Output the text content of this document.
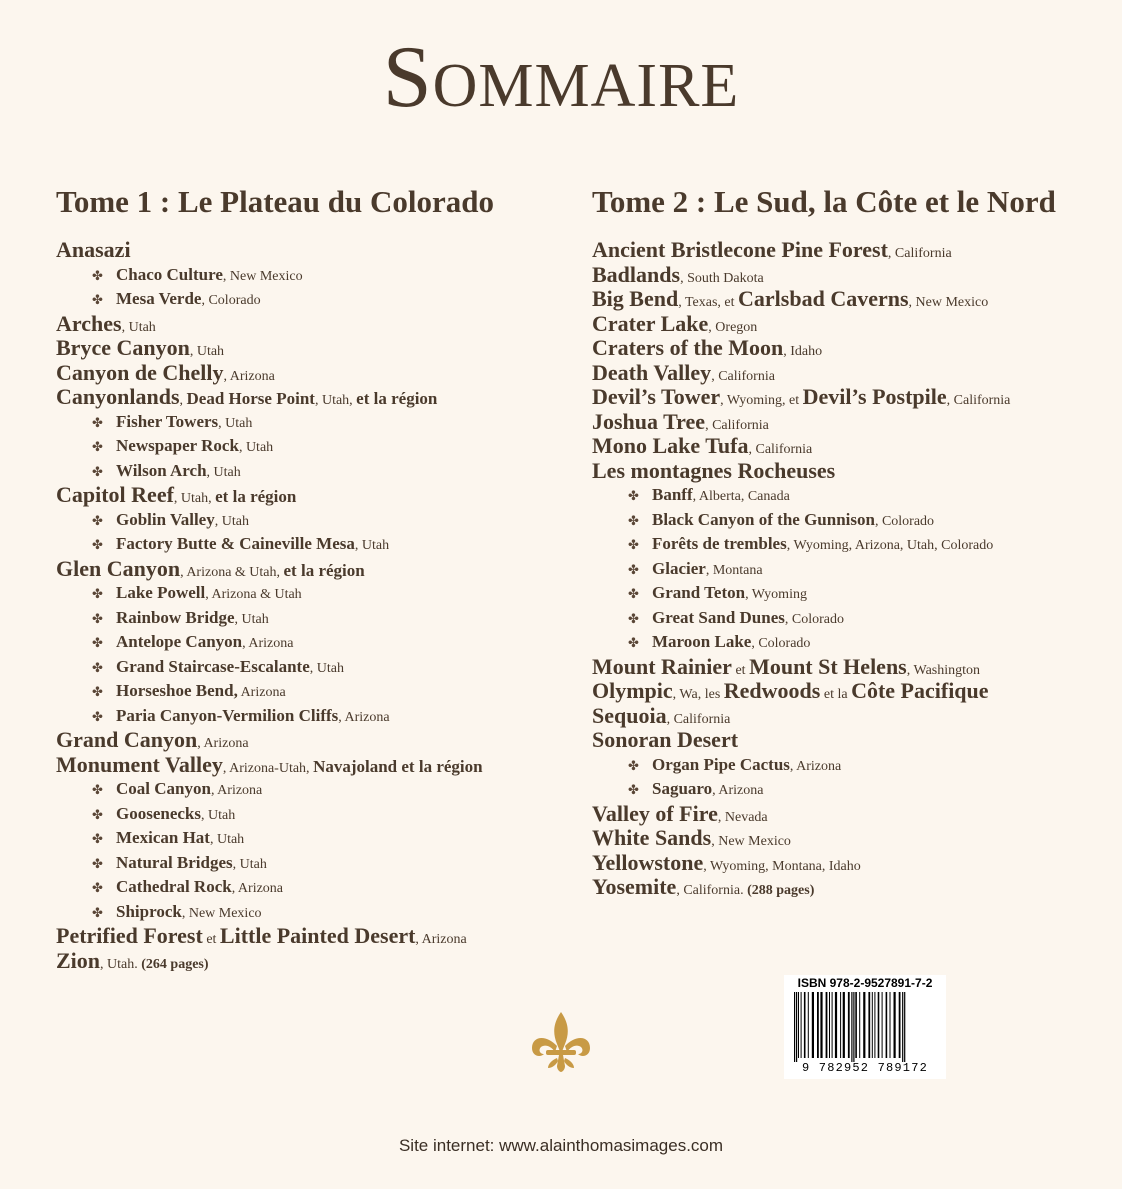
Sommaire
Tome 1 : Le Plateau du Colorado
Anasazi
✤ Chaco Culture, New Mexico
✤ Mesa Verde, Colorado
Arches, Utah
Bryce Canyon, Utah
Canyon de Chelly, Arizona
Canyonlands, Dead Horse Point, Utah, et la région
✤ Fisher Towers, Utah
✤ Newspaper Rock, Utah
✤ Wilson Arch, Utah
Capitol Reef, Utah, et la région
✤ Goblin Valley, Utah
✤ Factory Butte & Caineville Mesa, Utah
Glen Canyon, Arizona & Utah, et la région
✤ Lake Powell, Arizona & Utah
✤ Rainbow Bridge, Utah
✤ Antelope Canyon, Arizona
✤ Grand Staircase-Escalante, Utah
✤ Horseshoe Bend, Arizona
✤ Paria Canyon-Vermilion Cliffs, Arizona
Grand Canyon, Arizona
Monument Valley, Arizona-Utah, Navajoland et la région
✤ Coal Canyon, Arizona
✤ Goosenecks, Utah
✤ Mexican Hat, Utah
✤ Natural Bridges, Utah
✤ Cathedral Rock, Arizona
✤ Shiprock, New Mexico
Petrified Forest et Little Painted Desert, Arizona
Zion, Utah. (264 pages)
Tome 2 : Le Sud, la Côte et le Nord
Ancient Bristlecone Pine Forest, California
Badlands, South Dakota
Big Bend, Texas, et Carlsbad Caverns, New Mexico
Crater Lake, Oregon
Craters of the Moon, Idaho
Death Valley, California
Devil’s Tower, Wyoming, et Devil’s Postpile, California
Joshua Tree, California
Mono Lake Tufa, California
Les montagnes Rocheuses
✤ Banff, Alberta, Canada
✤ Black Canyon of the Gunnison, Colorado
✤ Forêts de trembles, Wyoming, Arizona, Utah, Colorado
✤ Glacier, Montana
✤ Grand Teton, Wyoming
✤ Great Sand Dunes, Colorado
✤ Maroon Lake, Colorado
Mount Rainier et Mount St Helens, Washington
Olympic, Wa, les Redwoods et la Côte Pacifique
Sequoia, California
Sonoran Desert
✤ Organ Pipe Cactus, Arizona
✤ Saguaro, Arizona
Valley of Fire, Nevada
White Sands, New Mexico
Yellowstone, Wyoming, Montana, Idaho
Yosemite, California. (288 pages)
ISBN 978-2-9527891-7-2
9 782952 789172
Site internet: www.alainthomasimages.com
